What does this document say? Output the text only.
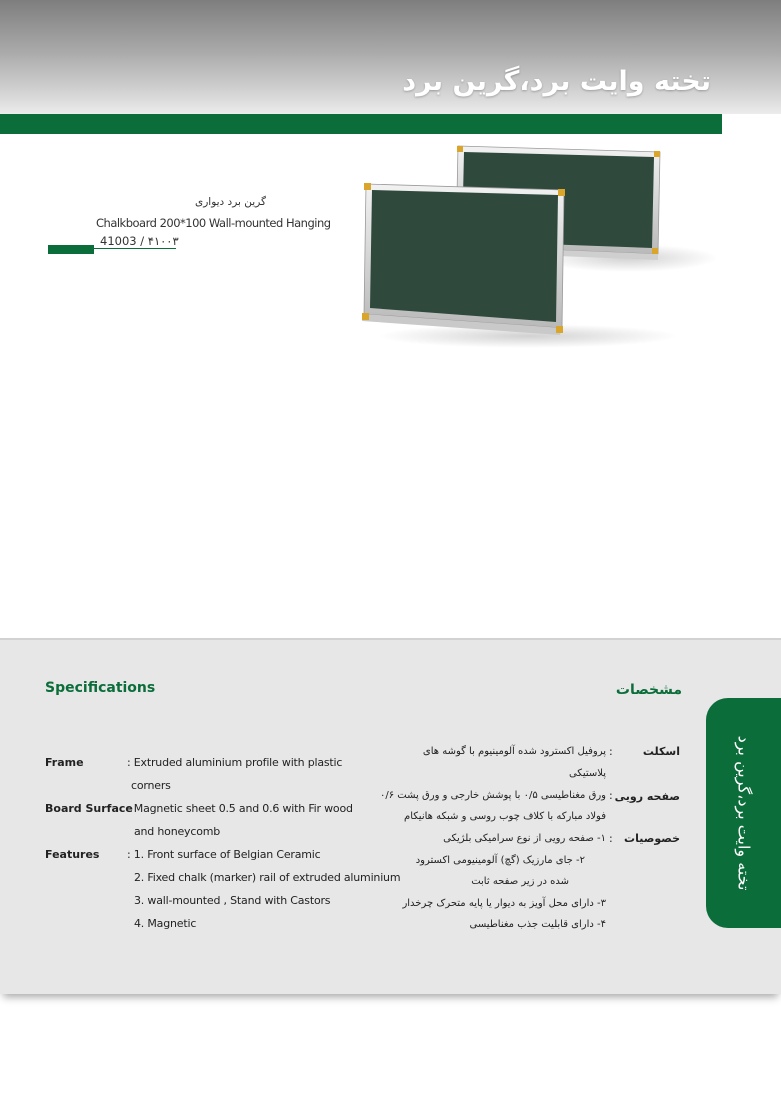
تخته وایت برد،گرین برد
گرین برد دیواری
Chalkboard 200*100 Wall-mounted Hanging
41003 / ۴۱۰۰۳
Specifications	مشخصات
Frame	: Extruded aluminium profile with plastic
corners
Board Surface
: Magnetic sheet 0.5 and 0.6 with Fir wood
and honeycomb
Features	: 1. Front surface of Belgian Ceramic
2. Fixed chalk (marker) rail of extruded aluminium
3. wall-mounted , Stand with Castors
4. Magnetic
اسکلت
:
پروفیل اکسترود شده آلومینیوم با گوشه های
پلاستیکی
صفحه رویی
:
ورق مغناطیسی ۰/۵ با پوشش خارجی و ورق پشت ۰/۶
فولاد مبارکه با کلاف چوب روسی و شبکه هانیکام
خصوصیات
:
۱- صفحه رویی از نوع سرامیکی بلژیکی
۲- جای مارزیک (گچ) آلومینیومی اکسترود
شده در زیر صفحه ثابت
۳- دارای محل آویز به دیوار یا پایه متحرک چرخدار
۴- دارای قابلیت جذب مغناطیسی
تخته وایت برد،گرین برد
